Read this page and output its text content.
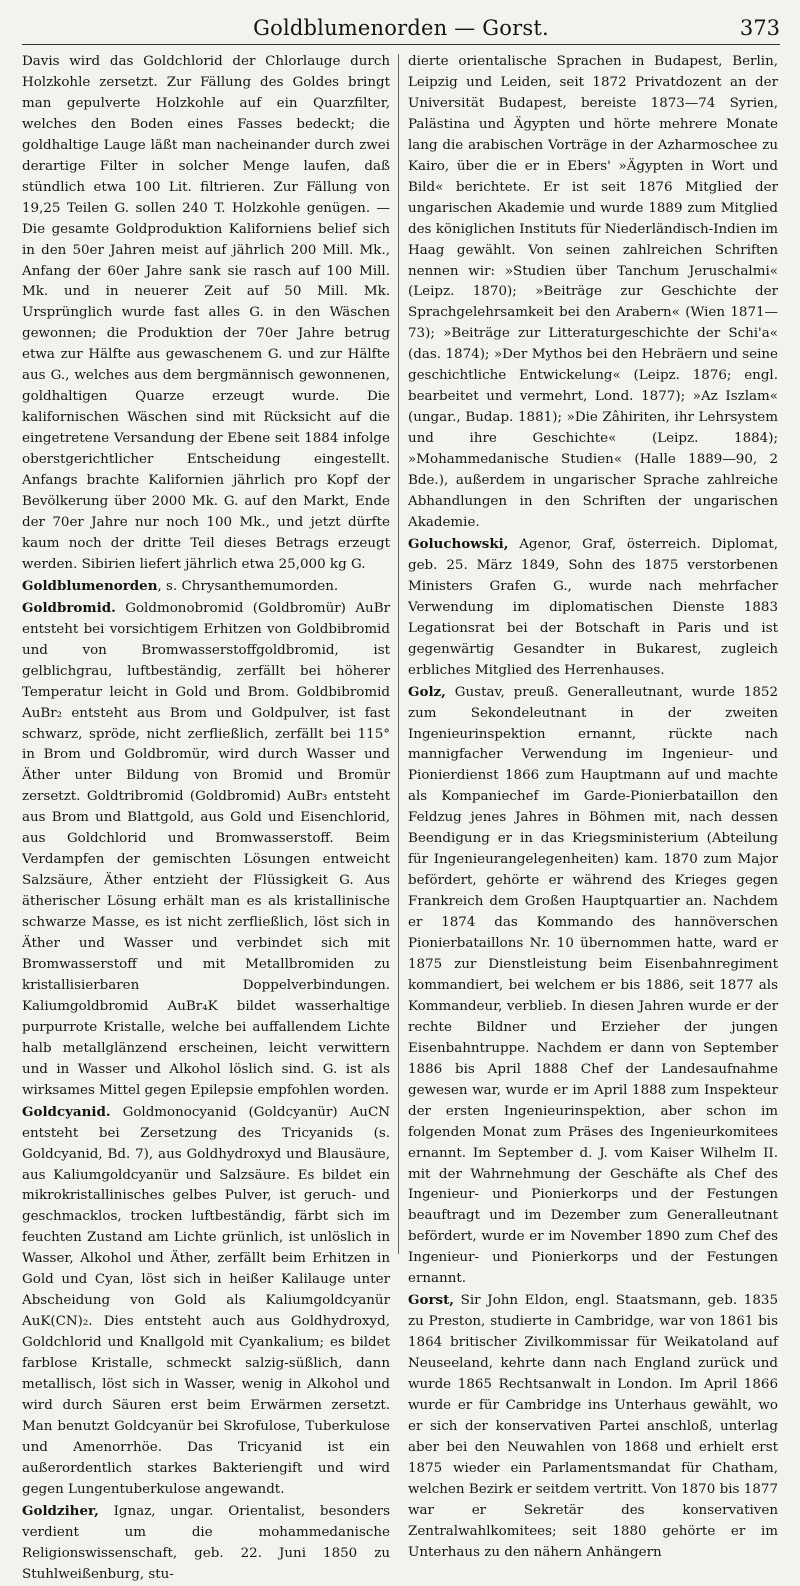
Goldblumenorden — Gorst.	373

Davis wird das Goldchlorid der Chlorlauge durch Holzkohle zersetzt. Zur Fällung des Goldes bringt man gepulverte Holzkohle auf ein Quarzfilter, welches den Boden eines Fasses bedeckt; die goldhaltige Lauge läßt man nacheinander durch zwei derartige Filter in solcher Menge laufen, daß stündlich etwa 100 Lit. filtrieren. Zur Fällung von 19,25 Teilen G. sollen 240 T. Holzkohle genügen. — Die gesamte Goldproduktion Kaliforniens belief sich in den 50er Jahren meist auf jährlich 200 Mill. Mk., Anfang der 60er Jahre sank sie rasch auf 100 Mill. Mk. und in neuerer Zeit auf 50 Mill. Mk. Ursprünglich wurde fast alles G. in den Wäschen gewonnen; die Produktion der 70er Jahre betrug etwa zur Hälfte aus gewaschenem G. und zur Hälfte aus G., welches aus dem bergmännisch gewonnenen, goldhaltigen Quarze erzeugt wurde. Die kalifornischen Wäschen sind mit Rücksicht auf die eingetretene Versandung der Ebene seit 1884 infolge oberstgerichtlicher Entscheidung eingestellt. Anfangs brachte Kalifornien jährlich pro Kopf der Bevölkerung über 2000 Mk. G. auf den Markt, Ende der 70er Jahre nur noch 100 Mk., und jetzt dürfte kaum noch der dritte Teil dieses Betrags erzeugt werden. Sibirien liefert jährlich etwa 25,000 kg G.

Goldblumenorden, s. Chrysanthemumorden.

Goldbromid. Goldmonobromid (Goldbromür) AuBr entsteht bei vorsichtigem Erhitzen von Goldbibromid und von Bromwasserstoffgoldbromid, ist gelblichgrau, luftbeständig, zerfällt bei höherer Temperatur leicht in Gold und Brom. Goldbibromid AuBr₂ entsteht aus Brom und Goldpulver, ist fast schwarz, spröde, nicht zerfließlich, zerfällt bei 115° in Brom und Goldbromür, wird durch Wasser und Äther unter Bildung von Bromid und Bromür zersetzt. Goldtribromid (Goldbromid) AuBr₃ entsteht aus Brom und Blattgold, aus Gold und Eisenchlorid, aus Goldchlorid und Bromwasserstoff. Beim Verdampfen der gemischten Lösungen entweicht Salzsäure, Äther entzieht der Flüssigkeit G. Aus ätherischer Lösung erhält man es als kristallinische schwarze Masse, es ist nicht zerfließlich, löst sich in Äther und Wasser und verbindet sich mit Bromwasserstoff und mit Metallbromiden zu kristallisierbaren Doppelverbindungen. Kaliumgoldbromid AuBr₄K bildet wasserhaltige purpurrote Kristalle, welche bei auffallendem Lichte halb metallglänzend erscheinen, leicht verwittern und in Wasser und Alkohol löslich sind. G. ist als wirksames Mittel gegen Epilepsie empfohlen worden.

Goldcyanid. Goldmonocyanid (Goldcyanür) AuCN entsteht bei Zersetzung des Tricyanids (s. Goldcyanid, Bd. 7), aus Goldhydroxyd und Blausäure, aus Kaliumgoldcyanür und Salzsäure. Es bildet ein mikrokristallinisches gelbes Pulver, ist geruch- und geschmacklos, trocken luftbeständig, färbt sich im feuchten Zustand am Lichte grünlich, ist unlöslich in Wasser, Alkohol und Äther, zerfällt beim Erhitzen in Gold und Cyan, löst sich in heißer Kalilauge unter Abscheidung von Gold als Kaliumgoldcyanür AuK(CN)₂. Dies entsteht auch aus Goldhydroxyd, Goldchlorid und Knallgold mit Cyankalium; es bildet farblose Kristalle, schmeckt salzig-süßlich, dann metallisch, löst sich in Wasser, wenig in Alkohol und wird durch Säuren erst beim Erwärmen zersetzt. Man benutzt Goldcyanür bei Skrofulose, Tuberkulose und Amenorrhöe. Das Tricyanid ist ein außerordentlich starkes Bakteriengift und wird gegen Lungentuberkulose angewandt.

Goldziher, Ignaz, ungar. Orientalist, besonders verdient um die mohammedanische Religionswissenschaft, geb. 22. Juni 1850 zu Stuhlweißenburg, stu-

dierte orientalische Sprachen in Budapest, Berlin, Leipzig und Leiden, seit 1872 Privatdozent an der Universität Budapest, bereiste 1873—74 Syrien, Palästina und Ägypten und hörte mehrere Monate lang die arabischen Vorträge in der Azharmoschee zu Kairo, über die er in Ebers' »Ägypten in Wort und Bild« berichtete. Er ist seit 1876 Mitglied der ungarischen Akademie und wurde 1889 zum Mitglied des königlichen Instituts für Niederländisch-Indien im Haag gewählt. Von seinen zahlreichen Schriften nennen wir: »Studien über Tanchum Jeruschalmi« (Leipz. 1870); »Beiträge zur Geschichte der Sprachgelehrsamkeit bei den Arabern« (Wien 1871—73); »Beiträge zur Litteraturgeschichte der Schi'a« (das. 1874); »Der Mythos bei den Hebräern und seine geschichtliche Entwickelung« (Leipz. 1876; engl. bearbeitet und vermehrt, Lond. 1877); »Az Iszlam« (ungar., Budap. 1881); »Die Zâhiriten, ihr Lehrsystem und ihre Geschichte« (Leipz. 1884); »Mohammedanische Studien« (Halle 1889—90, 2 Bde.), außerdem in ungarischer Sprache zahlreiche Abhandlungen in den Schriften der ungarischen Akademie.

Goluchowski, Agenor, Graf, österreich. Diplomat, geb. 25. März 1849, Sohn des 1875 verstorbenen Ministers Grafen G., wurde nach mehrfacher Verwendung im diplomatischen Dienste 1883 Legationsrat bei der Botschaft in Paris und ist gegenwärtig Gesandter in Bukarest, zugleich erbliches Mitglied des Herrenhauses.

Golz, Gustav, preuß. Generalleutnant, wurde 1852 zum Sekondeleutnant in der zweiten Ingenieurinspektion ernannt, rückte nach mannigfacher Verwendung im Ingenieur- und Pionierdienst 1866 zum Hauptmann auf und machte als Kompaniechef im Garde-Pionierbataillon den Feldzug jenes Jahres in Böhmen mit, nach dessen Beendigung er in das Kriegsministerium (Abteilung für Ingenieurangelegenheiten) kam. 1870 zum Major befördert, gehörte er während des Krieges gegen Frankreich dem Großen Hauptquartier an. Nachdem er 1874 das Kommando des hannöverschen Pionierbataillons Nr. 10 übernommen hatte, ward er 1875 zur Dienstleistung beim Eisenbahnregiment kommandiert, bei welchem er bis 1886, seit 1877 als Kommandeur, verblieb. In diesen Jahren wurde er der rechte Bildner und Erzieher der jungen Eisenbahntruppe. Nachdem er dann von September 1886 bis April 1888 Chef der Landesaufnahme gewesen war, wurde er im April 1888 zum Inspekteur der ersten Ingenieurinspektion, aber schon im folgenden Monat zum Präses des Ingenieurkomitees ernannt. Im September d. J. vom Kaiser Wilhelm II. mit der Wahrnehmung der Geschäfte als Chef des Ingenieur- und Pionierkorps und der Festungen beauftragt und im Dezember zum Generalleutnant befördert, wurde er im November 1890 zum Chef des Ingenieur- und Pionierkorps und der Festungen ernannt.

Gorst, Sir John Eldon, engl. Staatsmann, geb. 1835 zu Preston, studierte in Cambridge, war von 1861 bis 1864 britischer Zivilkommissar für Weikatoland auf Neuseeland, kehrte dann nach England zurück und wurde 1865 Rechtsanwalt in London. Im April 1866 wurde er für Cambridge ins Unterhaus gewählt, wo er sich der konservativen Partei anschloß, unterlag aber bei den Neuwahlen von 1868 und erhielt erst 1875 wieder ein Parlamentsmandat für Chatham, welchen Bezirk er seitdem vertritt. Von 1870 bis 1877 war er Sekretär des konservativen Zentralwahlkomitees; seit 1880 gehörte er im Unterhaus zu den nähern Anhängern
